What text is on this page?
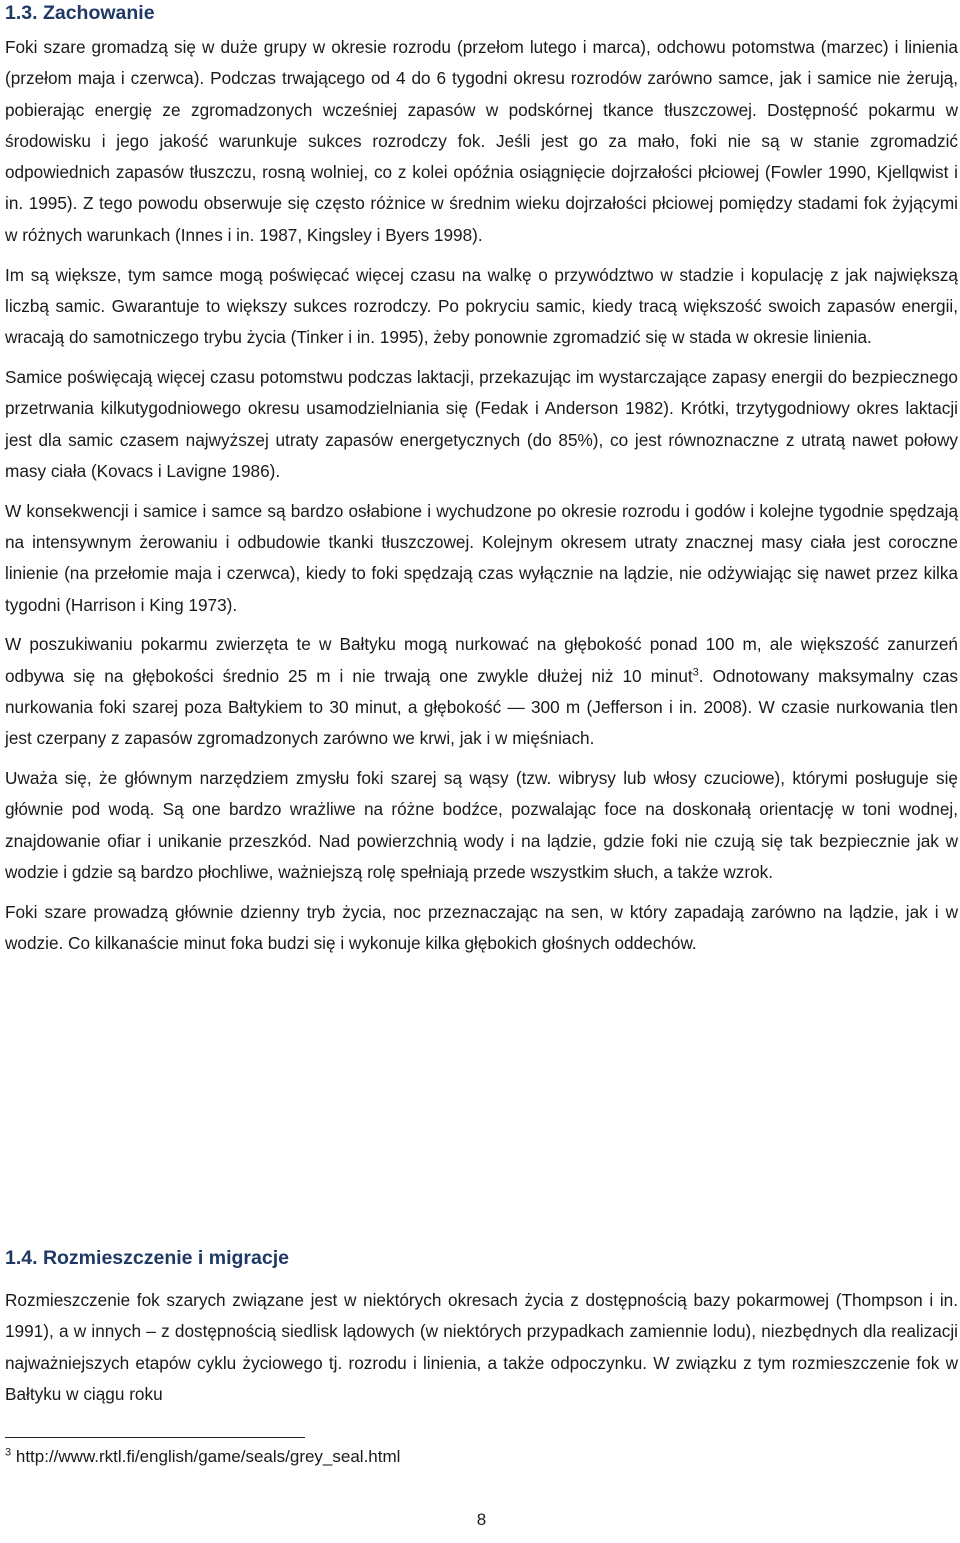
1.3. Zachowanie

Foki szare gromadzą się w duże grupy w okresie rozrodu (przełom lutego i marca), odchowu potomstwa (marzec) i linienia (przełom maja i czerwca). Podczas trwającego od 4 do 6 tygodni okresu rozrodów zarówno samce, jak i samice nie żerują, pobierając energię ze zgromadzonych wcześniej zapasów w podskórnej tkance tłuszczowej. Dostępność pokarmu w środowisku i jego jakość warunkuje sukces rozrodczy fok. Jeśli jest go za mało, foki nie są w stanie zgromadzić odpowiednich zapasów tłuszczu, rosną wolniej, co z kolei opóźnia osiągnięcie dojrzałości płciowej (Fowler 1990, Kjellqwist i in. 1995). Z tego powodu obserwuje się często różnice w średnim wieku dojrzałości płciowej pomiędzy stadami fok żyjącymi w różnych warunkach (Innes i in. 1987, Kingsley i Byers 1998).

Im są większe, tym samce mogą poświęcać więcej czasu na walkę o przywództwo w stadzie i kopulację z jak największą liczbą samic. Gwarantuje to większy sukces rozrodczy. Po pokryciu samic, kiedy tracą większość swoich zapasów energii, wracają do samotniczego trybu życia (Tinker i in. 1995), żeby ponownie zgromadzić się w stada w okresie linienia.

Samice poświęcają więcej czasu potomstwu podczas laktacji, przekazując im wystarczające zapasy energii do bezpiecznego przetrwania kilkutygodniowego okresu usamodzielniania się (Fedak i Anderson 1982). Krótki, trzytygodniowy okres laktacji jest dla samic czasem najwyższej utraty zapasów energetycznych (do 85%), co jest równoznaczne z utratą nawet połowy masy ciała (Kovacs i Lavigne 1986).

W konsekwencji i samice i samce są bardzo osłabione i wychudzone po okresie rozrodu i godów i kolejne tygodnie spędzają na intensywnym żerowaniu i odbudowie tkanki tłuszczowej. Kolejnym okresem utraty znacznej masy ciała jest coroczne linienie (na przełomie maja i czerwca), kiedy to foki spędzają czas wyłącznie na lądzie, nie odżywiając się nawet przez kilka tygodni (Harrison i King 1973).

W poszukiwaniu pokarmu zwierzęta te w Bałtyku mogą nurkować na głębokość ponad 100 m, ale większość zanurzeń odbywa się na głębokości średnio 25 m i nie trwają one zwykle dłużej niż 10 minut$^3$. Odnotowany maksymalny czas nurkowania foki szarej poza Bałtykiem to 30 minut, a głębokość — 300 m (Jefferson i in. 2008). W czasie nurkowania tlen jest czerpany z zapasów zgromadzonych zarówno we krwi, jak i w mięśniach.

Uważa się, że głównym narzędziem zmysłu foki szarej są wąsy (tzw. wibrysy lub włosy czuciowe), którymi posługuje się głównie pod wodą. Są one bardzo wrażliwe na różne bodźce, pozwalając foce na doskonałą orientację w toni wodnej, znajdowanie ofiar i unikanie przeszkód. Nad powierzchnią wody i na lądzie, gdzie foki nie czują się tak bezpiecznie jak w wodzie i gdzie są bardzo płochliwe, ważniejszą rolę spełniają przede wszystkim słuch, a także wzrok.

Foki szare prowadzą głównie dzienny tryb życia, noc przeznaczając na sen, w który zapadają zarówno na lądzie, jak i w wodzie. Co kilkanaście minut foka budzi się i wykonuje kilka głębokich głośnych oddechów.

1.4. Rozmieszczenie i migracje

Rozmieszczenie fok szarych związane jest w niektórych okresach życia z dostępnością bazy pokarmowej (Thompson i in. 1991), a w innych – z dostępnością siedlisk lądowych (w niektórych przypadkach zamiennie lodu), niezbędnych dla realizacji najważniejszych etapów cyklu życiowego tj. rozrodu i linienia, a także odpoczynku. W związku z tym rozmieszczenie fok w Bałtyku w ciągu roku

$^3$ http://www.rktl.fi/english/game/seals/grey_seal.html
8
